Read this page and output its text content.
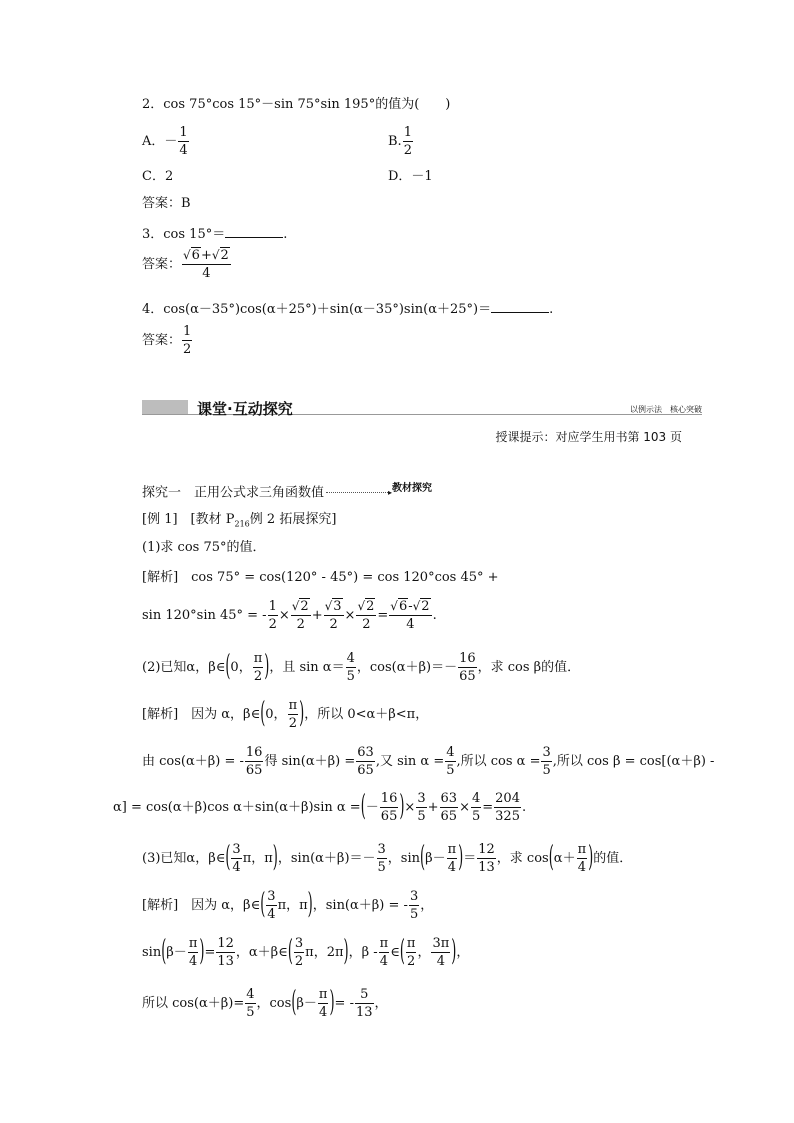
2．cos 75°cos 15°－sin 75°sin 195°的值为(　　)
A．－ $\frac{1}{4}$	B. $\frac{1}{2}$
C．2	D．－1
答案：B
3．cos 15°＝	.
答案： $\frac{√6+√2}{4}$
4．cos(α－35°)cos(α＋25°)＋sin(α－35°)sin(α＋25°)＝	.
答案： $\frac{1}{2}$
课堂·互动探究	以例示法　核心突破
授课提示：对应学生用书第 103 页
探究一　正用公式求三角函数值	▸$^{教材探究}$
[例 1]　[教材 $P_{216}$例 2 拓展探究]
(1)求 cos 75°的值．
[解析]　cos 75° = cos(120° - 45°) = cos 120°cos 45° +
sin 120°sin 45° = - $\frac{1}{2} \times \frac{√2}{2} + \frac{√3}{2} \times \frac{√2}{2} = \frac{√6-√2}{4}$ .
(2)已知α，β∈(0， $\frac{\pi}{2}$ )，且 $\sin \alpha= \frac{4}{5}$ ，$\cos(\alpha+\beta)=- \frac{16}{65}$ ，求 cos β的值．
[解析]　因为 α，β∈(0， $\frac{\pi}{2}$ )，所以 0<α＋β<π，
由 cos(α＋β) = - $\frac{16}{65}$ 得 $\sin(\alpha+\beta) = \frac{63}{65}$ ,又 $\sin \alpha = \frac{4}{5}$ ,所以 $\cos \alpha = \frac{3}{5}$ ,所以 cos β = cos[(α＋β) -
α] = cos(α＋β)cos α＋sin(α＋β)sin α =(－ $\frac{16}{65}$ )× $\frac{3}{5} + \frac{63}{65} \times \frac{4}{5} = \frac{204}{325}$ .
(3)已知α，β∈( $\frac{3}{4}$ π，π)，$\sin(\alpha+\beta)=- \frac{3}{5}$ ，$\sin(\beta- \frac{\pi}{4}$ )＝ $\frac{12}{13}$ ，求 $\cos(\alpha+ \frac{\pi}{4}$ )的值．
[解析]　因为 α，β∈( $\frac{3}{4}$ π，π)，sin(α＋β) = - $\frac{3}{5}$ ，
$\sin(\beta- \frac{\pi}{4}$ )= $\frac{12}{13}$ ，α＋β∈( $\frac{3}{2}$ π，2π)，β - $\frac{\pi}{4}$ ∈( $\frac{\pi}{2}$ ， $\frac{3\pi}{4}$ )，
所以 $\cos(\alpha+\beta)= \frac{4}{5}$ ，$\cos(\beta- \frac{\pi}{4}$ )= - $\frac{5}{13}$ ，
